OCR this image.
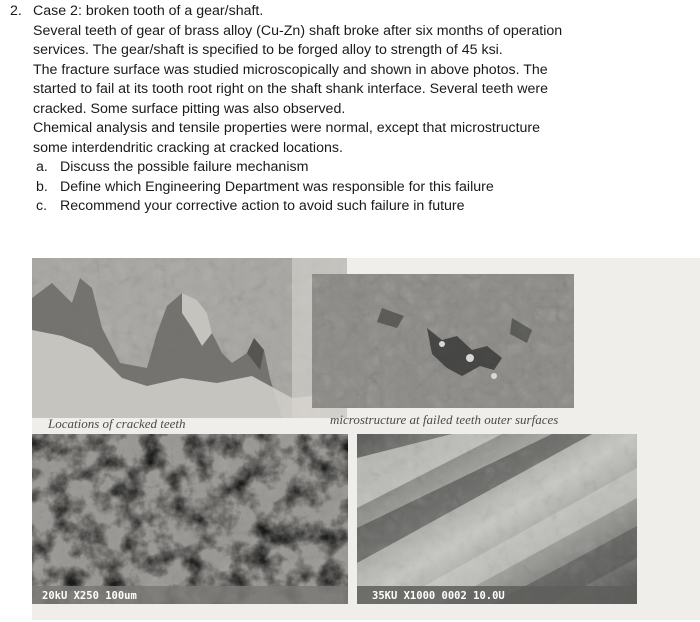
2. Case 2: broken tooth of a gear/shaft.
Several teeth of gear of brass alloy (Cu-Zn) shaft broke after six months of operation
services. The gear/shaft is specified to be forged alloy to strength of 45 ksi.
The fracture surface was studied microscopically and shown in above photos. The
started to fail at its tooth root right on the shaft shank interface. Several teeth were
cracked. Some surface pitting was also observed.
Chemical analysis and tensile properties were normal, except that microstructure
some interdendritic cracking at cracked locations.
a. Discuss the possible failure mechanism
b. Define which Engineering Department was responsible for this failure
c. Recommend your corrective action to avoid such failure in future
Locations of cracked teeth	microstructure at failed teeth outer surfaces
20kU X250 100um	35KU X1000 0002 10.0U
